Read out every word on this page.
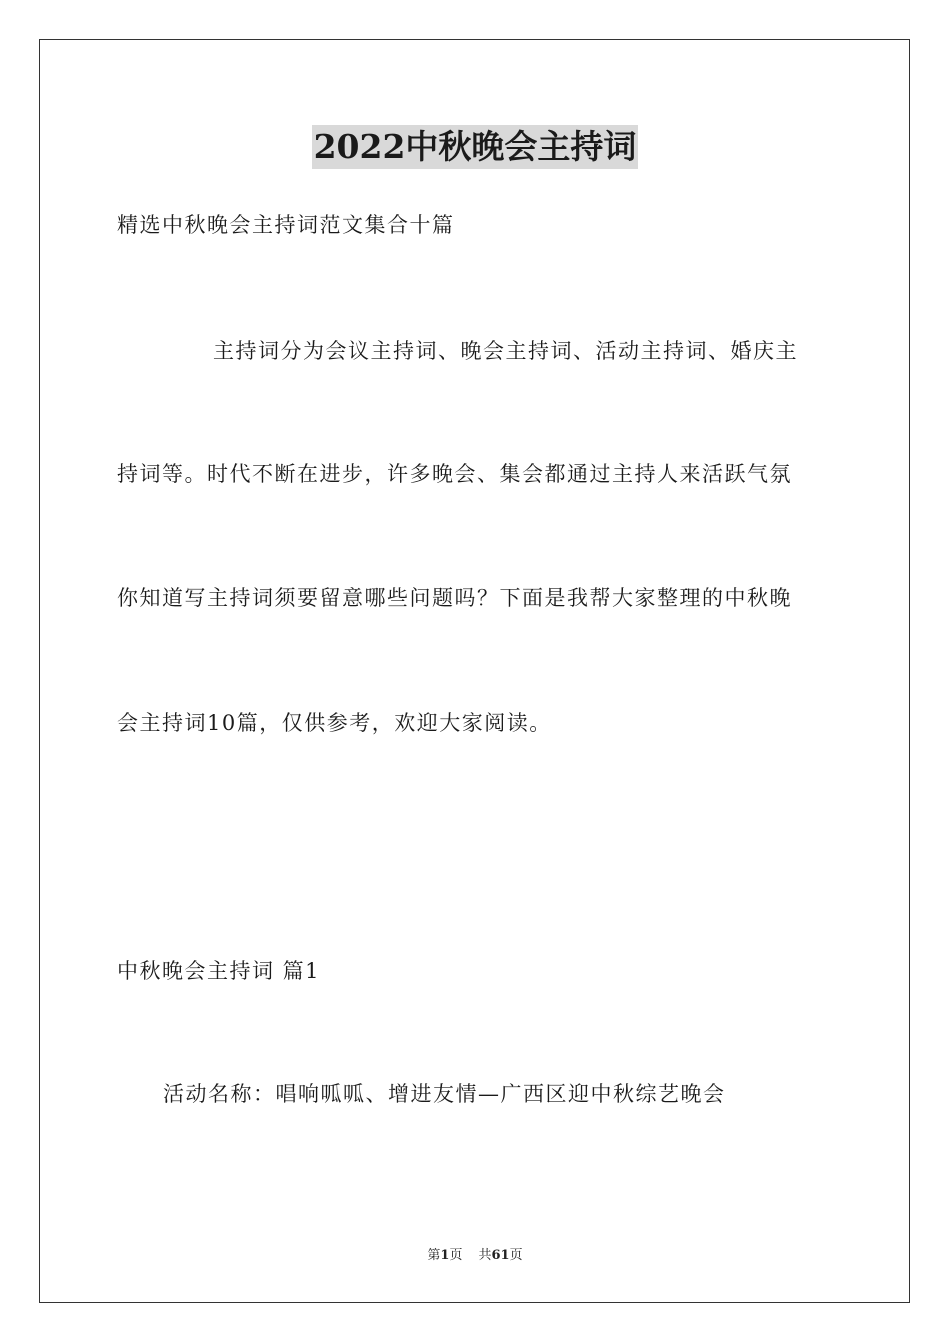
2022中秋晚会主持词
精选中秋晚会主持词范文集合十篇
主持词分为会议主持词、晚会主持词、活动主持词、婚庆主
持词等。时代不断在进步，许多晚会、集会都通过主持人来活跃气氛
你知道写主持词须要留意哪些问题吗？下面是我帮大家整理的中秋晚
会主持词10篇，仅供参考，欢迎大家阅读。
中秋晚会主持词 篇1
活动名称：唱响呱呱、增进友情—广西区迎中秋综艺晚会
第1页 共61页
